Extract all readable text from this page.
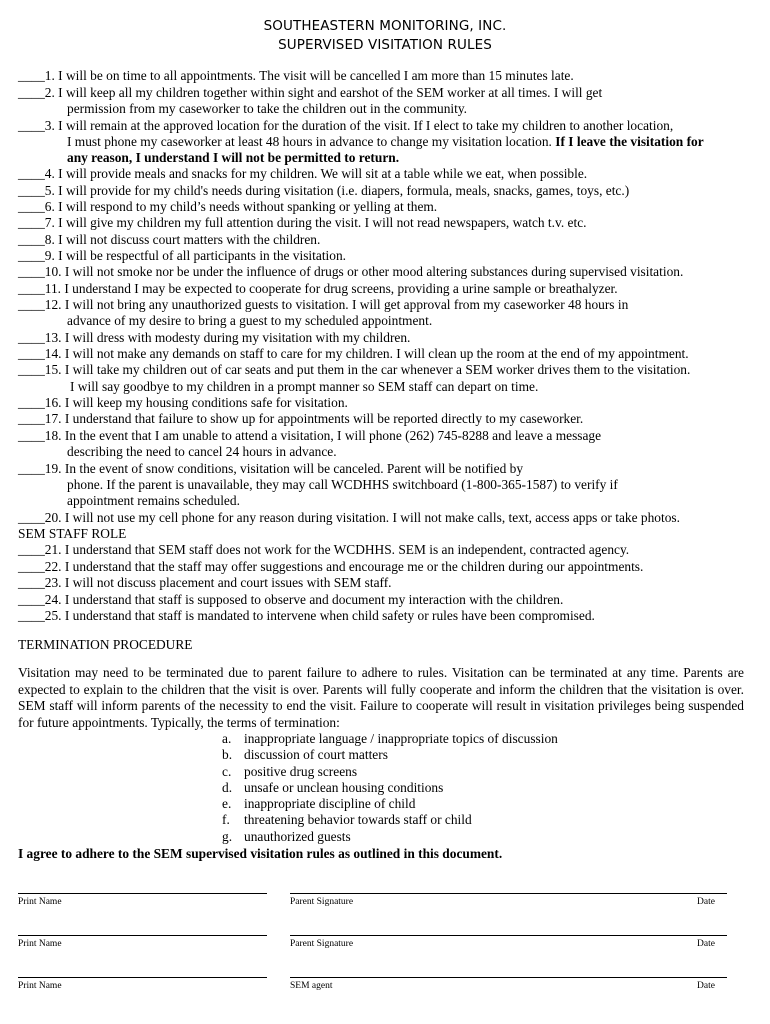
SOUTHEASTERN MONITORING, INC.
SUPERVISED VISITATION RULES
____1. I will be on time to all appointments. The visit will be cancelled I am more than 15 minutes late.
____2. I will keep all my children together within sight and earshot of the SEM worker at all times. I will get
permission from my caseworker to take the children out in the community.
____3. I will remain at the approved location for the duration of the visit. If I elect to take my children to another location,
I must phone my caseworker at least 48 hours in advance to change my visitation location. If I leave the visitation for
any reason, I understand I will not be permitted to return.
____4. I will provide meals and snacks for my children. We will sit at a table while we eat, when possible.
____5. I will provide for my child's needs during visitation (i.e. diapers, formula, meals, snacks, games, toys, etc.)
____6. I will respond to my child’s needs without spanking or yelling at them.
____7. I will give my children my full attention during the visit. I will not read newspapers, watch t.v. etc.
____8. I will not discuss court matters with the children.
____9. I will be respectful of all participants in the visitation.
____10. I will not smoke nor be under the influence of drugs or other mood altering substances during supervised visitation.
____11. I understand I may be expected to cooperate for drug screens, providing a urine sample or breathalyzer.
____12. I will not bring any unauthorized guests to visitation. I will get approval from my caseworker 48 hours in
advance of my desire to bring a guest to my scheduled appointment.
____13. I will dress with modesty during my visitation with my children.
____14. I will not make any demands on staff to care for my children. I will clean up the room at the end of my appointment.
____15. I will take my children out of car seats and put them in the car whenever a SEM worker drives them to the visitation.
I will say goodbye to my children in a prompt manner so SEM staff can depart on time.
____16. I will keep my housing conditions safe for visitation.
____17. I understand that failure to show up for appointments will be reported directly to my caseworker.
____18. In the event that I am unable to attend a visitation, I will phone (262) 745-8288 and leave a message
describing the need to cancel 24 hours in advance.
____19. In the event of snow conditions, visitation will be canceled. Parent will be notified by
phone. If the parent is unavailable, they may call WCDHHS switchboard (1-800-365-1587) to verify if
appointment remains scheduled.
____20. I will not use my cell phone for any reason during visitation. I will not make calls, text, access apps or take photos.
SEM STAFF ROLE
____21. I understand that SEM staff does not work for the WCDHHS. SEM is an independent, contracted agency.
____22. I understand that the staff may offer suggestions and encourage me or the children during our appointments.
____23. I will not discuss placement and court issues with SEM staff.
____24. I understand that staff is supposed to observe and document my interaction with the children.
____25. I understand that staff is mandated to intervene when child safety or rules have been compromised.
TERMINATION PROCEDURE
Visitation may need to be terminated due to parent failure to adhere to rules. Visitation can be terminated at any time. Parents are expected to explain to the children that the visit is over. Parents will fully cooperate and inform the children that the visitation is over. SEM staff will inform parents of the necessity to end the visit. Failure to cooperate will result in visitation privileges being suspended for future appointments. Typically, the terms of termination:
a. inappropriate language / inappropriate topics of discussion
b. discussion of court matters
c. positive drug screens
d. unsafe or unclean housing conditions
e. inappropriate discipline of child
f. threatening behavior towards staff or child
g. unauthorized guests
I agree to adhere to the SEM supervised visitation rules as outlined in this document.
Print Name	Parent Signature	Date
Print Name	Parent Signature	Date
Print Name	SEM agent	Date
